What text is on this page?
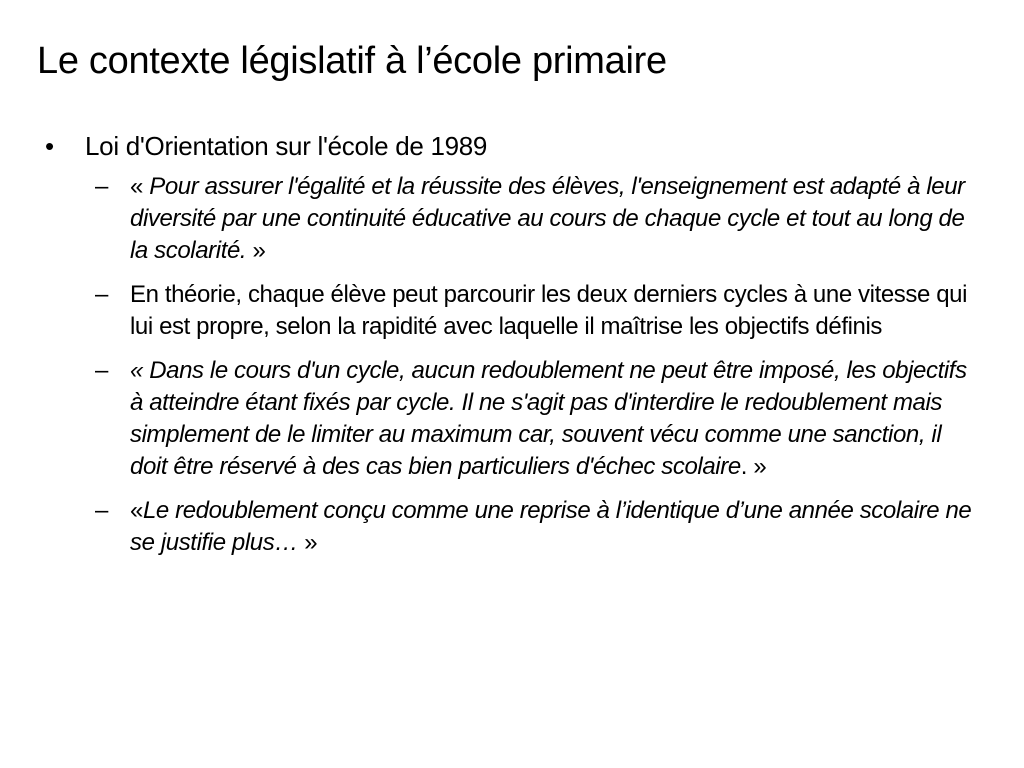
Le contexte législatif à l’école primaire
•	Loi d'Orientation sur l'école de 1989
– « Pour assurer l'égalité et la réussite des élèves, l'enseignement est adapté à leur diversité par une continuité éducative au cours de chaque cycle et tout au long de la scolarité. »
– En théorie, chaque élève peut parcourir les deux derniers cycles à une vitesse qui lui est propre, selon la rapidité avec laquelle il maîtrise les objectifs définis
– « Dans le cours d'un cycle, aucun redoublement ne peut être imposé, les objectifs à atteindre étant fixés par cycle. Il ne s'agit pas d'interdire le redoublement mais simplement de le limiter au maximum car, souvent vécu comme une sanction, il doit être réservé à des cas bien particuliers d'échec scolaire. »
– «Le redoublement conçu comme une reprise à l’identique d’une année scolaire ne se justifie plus… »
